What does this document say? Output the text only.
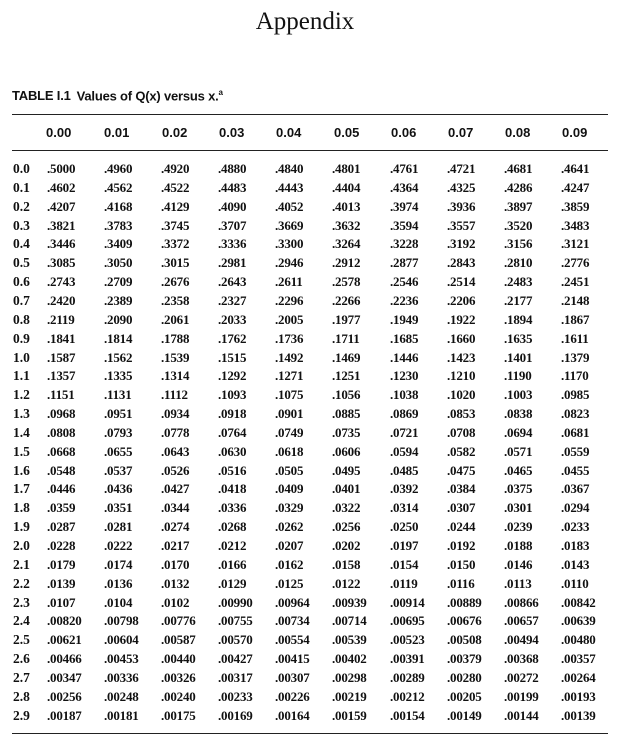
Appendix
TABLE I.1 Values of Q(x) versus x.$^a$
0.00	0.01	0.02 0.03 0.04	0.05 0.06 0.07 0.08 0.09
0.0 .5000 .4960 .4920 .4880 .4840 .4801 .4761 .4721 .4681 .4641
0.1 .4602 .4562 .4522 .4483 .4443 .4404 .4364 .4325 .4286 .4247
0.2 .4207 .4168 .4129 .4090 .4052 .4013 .3974 .3936 .3897 .3859
0.3 .3821 .3783 .3745 .3707 .3669 .3632 .3594 .3557 .3520 .3483
0.4 .3446 .3409 .3372 .3336 .3300 .3264 .3228 .3192 .3156 .3121
0.5 .3085 .3050 .3015 .2981 .2946 .2912 .2877 .2843 .2810 .2776
0.6 .2743 .2709 .2676 .2643 .2611 .2578 .2546 .2514 .2483 .2451
0.7 .2420 .2389 .2358 .2327 .2296 .2266 .2236 .2206 .2177 .2148
0.8 .2119 .2090 .2061 .2033 .2005 .1977 .1949 .1922 .1894 .1867
0.9 .1841 .1814 .1788 .1762 .1736 .1711 .1685 .1660 .1635 .1611
1.0 .1587 .1562 .1539 .1515 .1492 .1469 .1446 .1423 .1401 .1379
1.1 .1357 .1335 .1314 .1292 .1271 .1251 .1230 .1210 .1190 .1170
1.2 .1151 .1131 .1112 .1093 .1075 .1056 .1038 .1020 .1003 .0985
1.3 .0968 .0951 .0934 .0918 .0901 .0885 .0869 .0853 .0838 .0823
1.4 .0808 .0793 .0778 .0764 .0749 .0735 .0721 .0708 .0694 .0681
1.5 .0668 .0655 .0643 .0630 .0618 .0606 .0594 .0582 .0571 .0559
1.6 .0548 .0537 .0526 .0516 .0505 .0495 .0485 .0475 .0465 .0455
1.7 .0446 .0436 .0427 .0418 .0409 .0401 .0392 .0384 .0375 .0367
1.8 .0359 .0351 .0344 .0336 .0329 .0322 .0314 .0307 .0301 .0294
1.9 .0287 .0281 .0274 .0268 .0262 .0256 .0250 .0244 .0239 .0233
2.0 .0228 .0222 .0217 .0212 .0207 .0202 .0197 .0192 .0188 .0183
2.1 .0179 .0174 .0170 .0166 .0162 .0158 .0154 .0150 .0146 .0143
2.2 .0139 .0136 .0132 .0129 .0125 .0122 .0119 .0116 .0113 .0110
2.3 .0107 .0104 .0102 .00990 .00964 .00939 .00914 .00889 .00866 .00842
2.4 .00820 .00798 .00776 .00755 .00734 .00714 .00695 .00676 .00657 .00639
2.5 .00621 .00604 .00587 .00570 .00554 .00539 .00523 .00508 .00494 .00480
2.6 .00466 .00453 .00440 .00427 .00415 .00402 .00391 .00379 .00368 .00357
2.7 .00347 .00336 .00326 .00317 .00307 .00298 .00289 .00280 .00272 .00264
2.8 .00256 .00248 .00240 .00233 .00226 .00219 .00212 .00205 .00199 .00193
2.9 .00187 .00181 .00175 .00169 .00164 .00159 .00154 .00149 .00144 .00139
